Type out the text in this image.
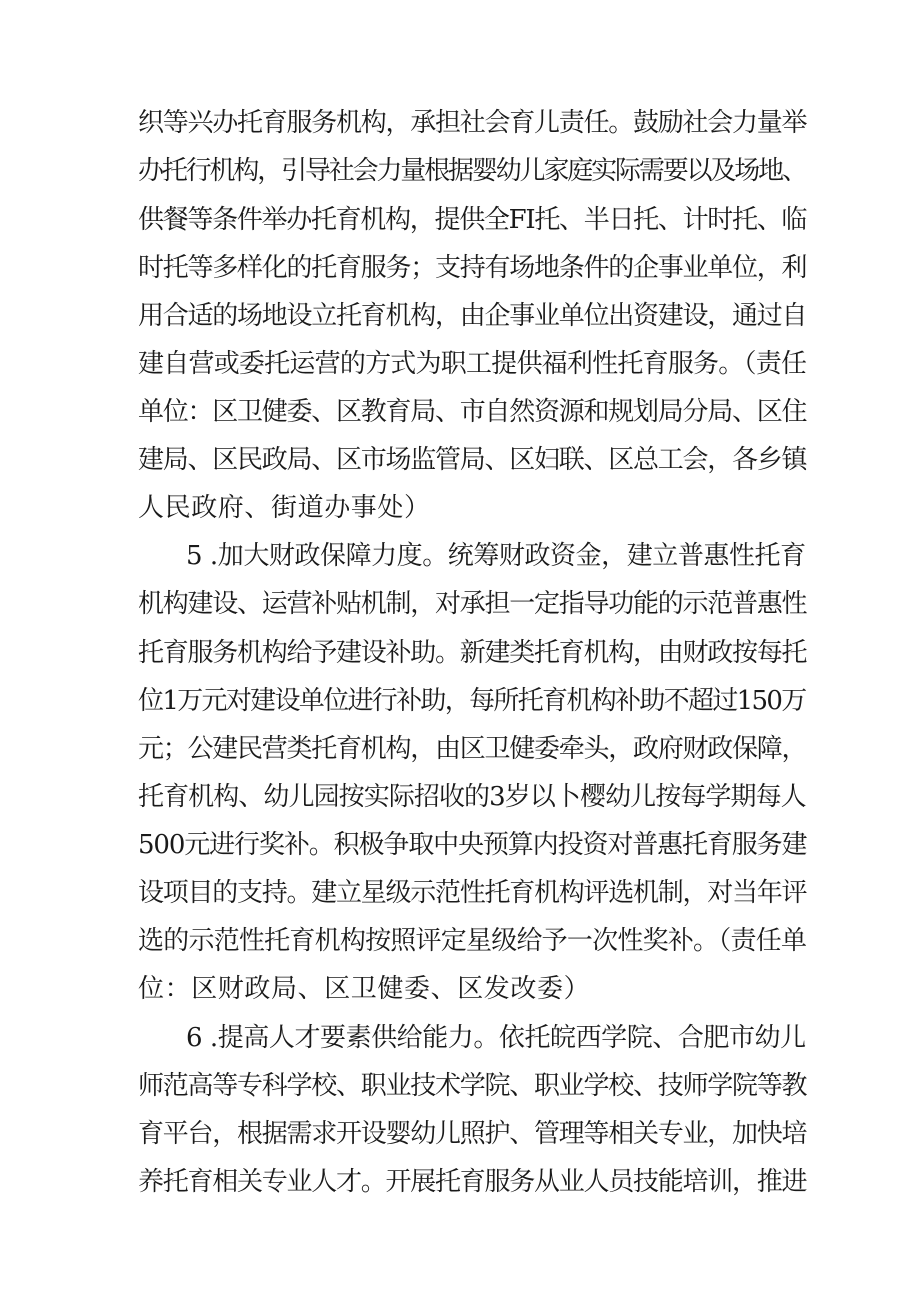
织等兴办托育服务机构，承担社会育儿责任。鼓励社会力量举
办托行机构，引导社会力量根据婴幼儿家庭实际需要以及场地、
供餐等条件举办托育机构，提供全FI托、半日托、计时托、临
时托等多样化的托育服务；支持有场地条件的企事业单位，利
用合适的场地设立托育机构，由企事业单位出资建设，通过自
建自营或委托运营的方式为职工提供福利性托育服务。（责任
单位：区卫健委、区教育局、市自然资源和规划局分局、区住
建局、区民政局、区市场监管局、区妇联、区总工会，各乡镇
人民政府、街道办事处）
5 .加大财政保障力度。统筹财政资金，建立普惠性托育
机构建设、运营补贴机制，对承担一定指导功能的示范普惠性
托育服务机构给予建设补助。新建类托育机构，由财政按每托
位1万元对建设单位进行补助，每所托育机构补助不超过150万
元；公建民营类托育机构，由区卫健委牵头，政府财政保障，
托育机构、幼儿园按实际招收的3岁以卜樱幼儿按每学期每人
500元进行奖补。积极争取中央预算内投资对普惠托育服务建
设项目的支持。建立星级示范性托育机构评选机制，对当年评
选的示范性托育机构按照评定星级给予一次性奖补。（责任单
位：区财政局、区卫健委、区发改委）
6 .提高人才要素供给能力。依托皖西学院、合肥市幼儿
师范高等专科学校、职业技术学院、职业学校、技师学院等教
育平台，根据需求开设婴幼儿照护、管理等相关专业，加快培
养托育相关专业人才。开展托育服务从业人员技能培训，推进
